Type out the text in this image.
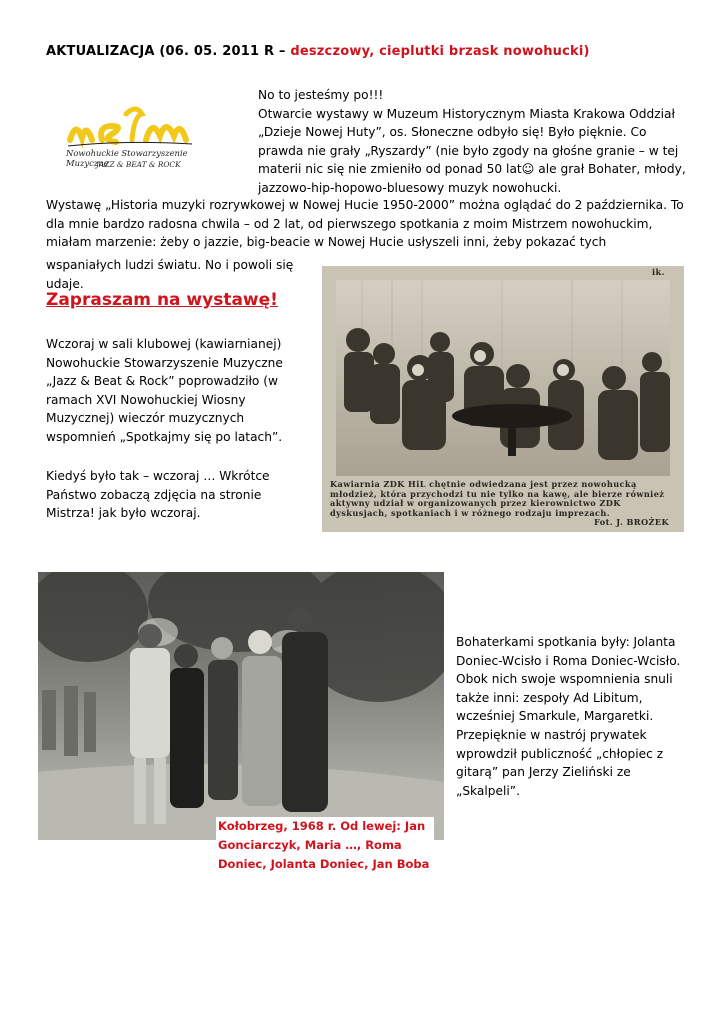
AKTUALIZACJA (06. 05. 2011 R – deszczowy, cieplutki brzask nowohucki)
Nowohuckie Stowarzyszenie Muzyczne
JAZZ & BEAT & ROCK
No to jesteśmy po!!!
Otwarcie wystawy w Muzeum Historycznym Miasta Krakowa Oddział „Dzieje Nowej Huty”, os. Słoneczne odbyło się! Było pięknie. Co prawda nie grały „Ryszardy” (nie było zgody na głośne granie – w tej materii nic się nie zmieniło od ponad 50 lat☺ ale grał Bohater, młody, jazzowo-hip-hopowo-bluesowy muzyk nowohucki.
Wystawę „Historia muzyki rozrywkowej w Nowej Hucie 1950-2000” można oglądać do 2 października. To dla mnie bardzo radosna chwila – od 2 lat, od pierwszego spotkania z moim Mistrzem nowohuckim, miałam marzenie: żeby o jazzie, big-beacie w Nowej Hucie usłyszeli inni, żeby pokazać tych
wspaniałych ludzi światu. No i powoli się udaje.
Zapraszam na wystawę!
Wczoraj w sali klubowej (kawiarnianej) Nowohuckie Stowarzyszenie Muzyczne „Jazz & Beat & Rock” poprowadziło (w ramach XVI Nowohuckiej Wiosny Muzycznej) wieczór muzycznych wspomnień „Spotkajmy się po latach”.
Kiedyś było tak – wczoraj … Wkrótce Państwo zobaczą zdjęcia na stronie Mistrza! jak było wczoraj.
ik.
Kawiarnia ZDK HiL chętnie odwiedzana jest przez nowohucką młodzież, która przychodzi tu nie tylko na kawę, ale bierze również aktywny udział w organizowanych przez kierownictwo ZDK dyskusjach, spotkaniach i w różnego rodzaju imprezach.
Fot. J. BROŻEK
Kołobrzeg, 1968 r. Od lewej: Jan Gonciarczyk, Maria …, Roma Doniec, Jolanta Doniec, Jan Boba
Bohaterkami spotkania były: Jolanta Doniec-Wcisło i Roma Doniec-Wcisło. Obok nich swoje wspomnienia snuli także inni: zespoły Ad Libitum, wcześniej Smarkule, Margaretki. Przepięknie w nastrój prywatek wprowdził publiczność „chłopiec z gitarą” pan Jerzy Zieliński ze „Skalpeli”.
